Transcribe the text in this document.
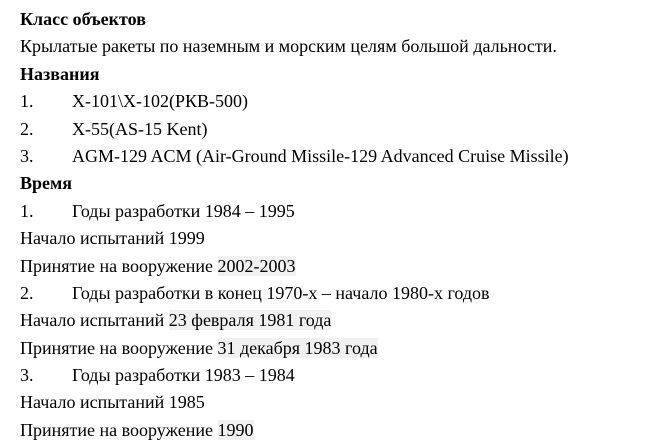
Класс объектов
Крылатые ракеты по наземным и морским целям большой дальности.
Названия
1. Х-101\Х-102(РКВ-500)
2. Х-55(AS-15 Kent)
3. AGM-129 ACM (Air-Ground Missile-129 Advanced Cruise Missile)
Время
1. Годы разработки 1984 – 1995
Начало испытаний 1999
Принятие на вооружение 2002-2003
2. Годы разработки в конец 1970-х – начало 1980-х годов
Начало испытаний 23 февраля 1981 года
Принятие на вооружение 31 декабря 1983 года
3. Годы разработки 1983 – 1984
Начало испытаний 1985
Принятие на вооружение 1990
